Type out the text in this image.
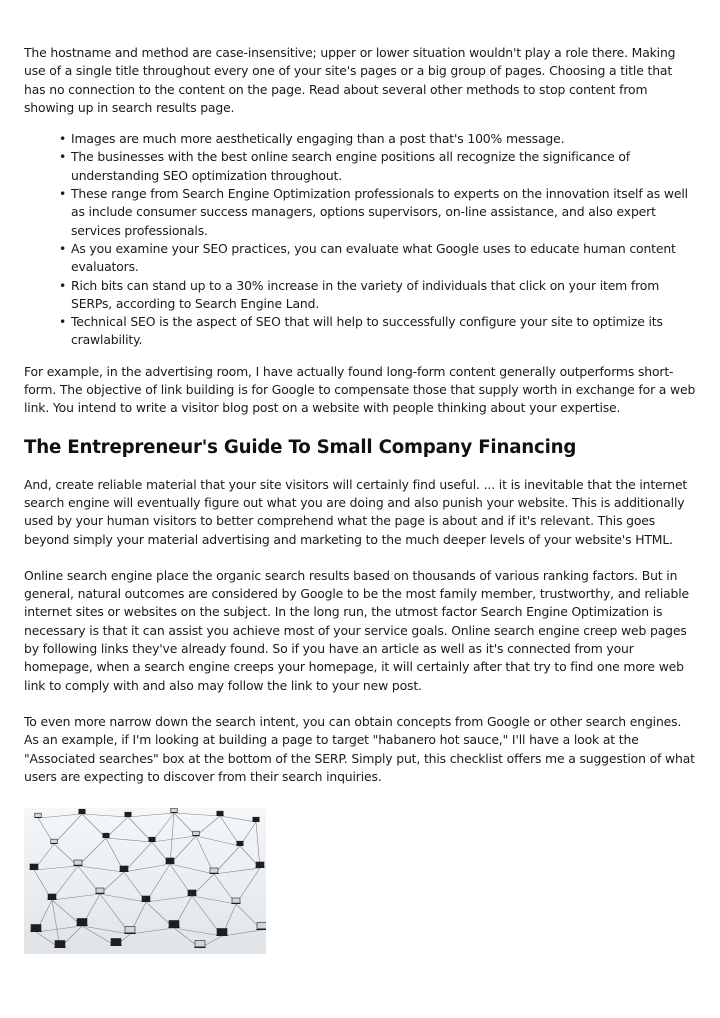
The hostname and method are case-insensitive; upper or lower situation wouldn't play a role there. Making use of a single title throughout every one of your site's pages or a big group of pages. Choosing a title that has no connection to the content on the page. Read about several other methods to stop content from showing up in search results page.

• Images are much more aesthetically engaging than a post that's 100% message.
• The businesses with the best online search engine positions all recognize the significance of understanding SEO optimization throughout.
• These range from Search Engine Optimization professionals to experts on the innovation itself as well as include consumer success managers, options supervisors, on-line assistance, and also expert services professionals.
• As you examine your SEO practices, you can evaluate what Google uses to educate human content evaluators.
• Rich bits can stand up to a 30% increase in the variety of individuals that click on your item from SERPs, according to Search Engine Land.
• Technical SEO is the aspect of SEO that will help to successfully configure your site to optimize its crawlability.

For example, in the advertising room, I have actually found long-form content generally outperforms short-form. The objective of link building is for Google to compensate those that supply worth in exchange for a web link. You intend to write a visitor blog post on a website with people thinking about your expertise.

The Entrepreneur's Guide To Small Company Financing

And, create reliable material that your site visitors will certainly find useful. ... it is inevitable that the internet search engine will eventually figure out what you are doing and also punish your website. This is additionally used by your human visitors to better comprehend what the page is about and if it's relevant. This goes beyond simply your material advertising and marketing to the much deeper levels of your website's HTML.

Online search engine place the organic search results based on thousands of various ranking factors. But in general, natural outcomes are considered by Google to be the most family member, trustworthy, and reliable internet sites or websites on the subject. In the long run, the utmost factor Search Engine Optimization is necessary is that it can assist you achieve most of your service goals. Online search engine creep web pages by following links they've already found. So if you have an article as well as it's connected from your homepage, when a search engine creeps your homepage, it will certainly after that try to find one more web link to comply with and also may follow the link to your new post.

To even more narrow down the search intent, you can obtain concepts from Google or other search engines. As an example, if I'm looking at building a page to target "habanero hot sauce," I'll have a look at the "Associated searches" box at the bottom of the SERP. Simply put, this checklist offers me a suggestion of what users are expecting to discover from their search inquiries.
